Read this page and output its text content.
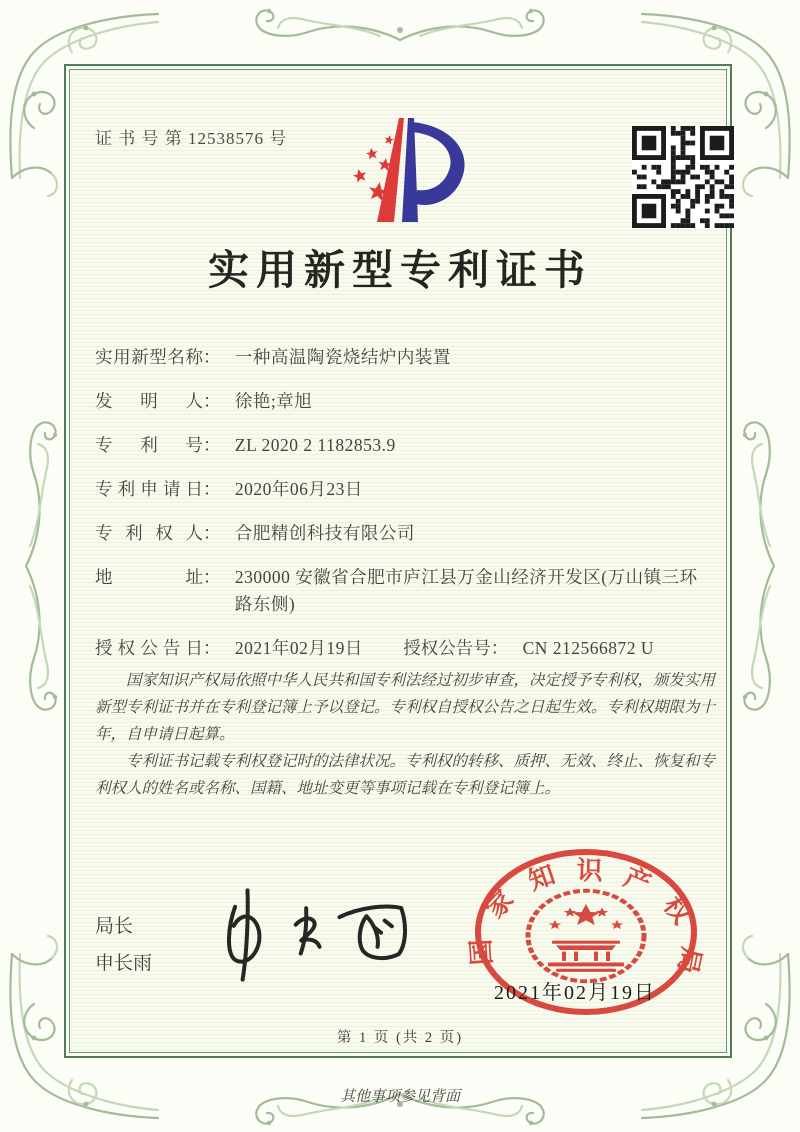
证 书 号 第 12538576 号
实用新型专利证书
实用新型名称： 一种高温陶瓷烧结炉内装置
发明人： 徐艳;章旭
专利号： ZL 2020 2 1182853.9
专利申请日： 2020年06月23日
专利权人： 合肥精创科技有限公司
地址： 230000 安徽省合肥市庐江县万金山经济开发区(万山镇三环路东侧)
授权公告日： 2021年02月19日 授权公告号： CN 212566872 U

国家知识产权局依照中华人民共和国专利法经过初步审查，决定授予专利权，颁发实用新型专利证书并在专利登记簿上予以登记。专利权自授权公告之日起生效。专利权期限为十年，自申请日起算。

专利证书记载专利权登记时的法律状况。专利权的转移、质押、无效、终止、恢复和专利权人的姓名或名称、国籍、地址变更等事项记载在专利登记簿上。

局长
申长雨	国家知识产权局
2021年02月19日
第 1 页 (共 2 页)
其他事项参见背面
